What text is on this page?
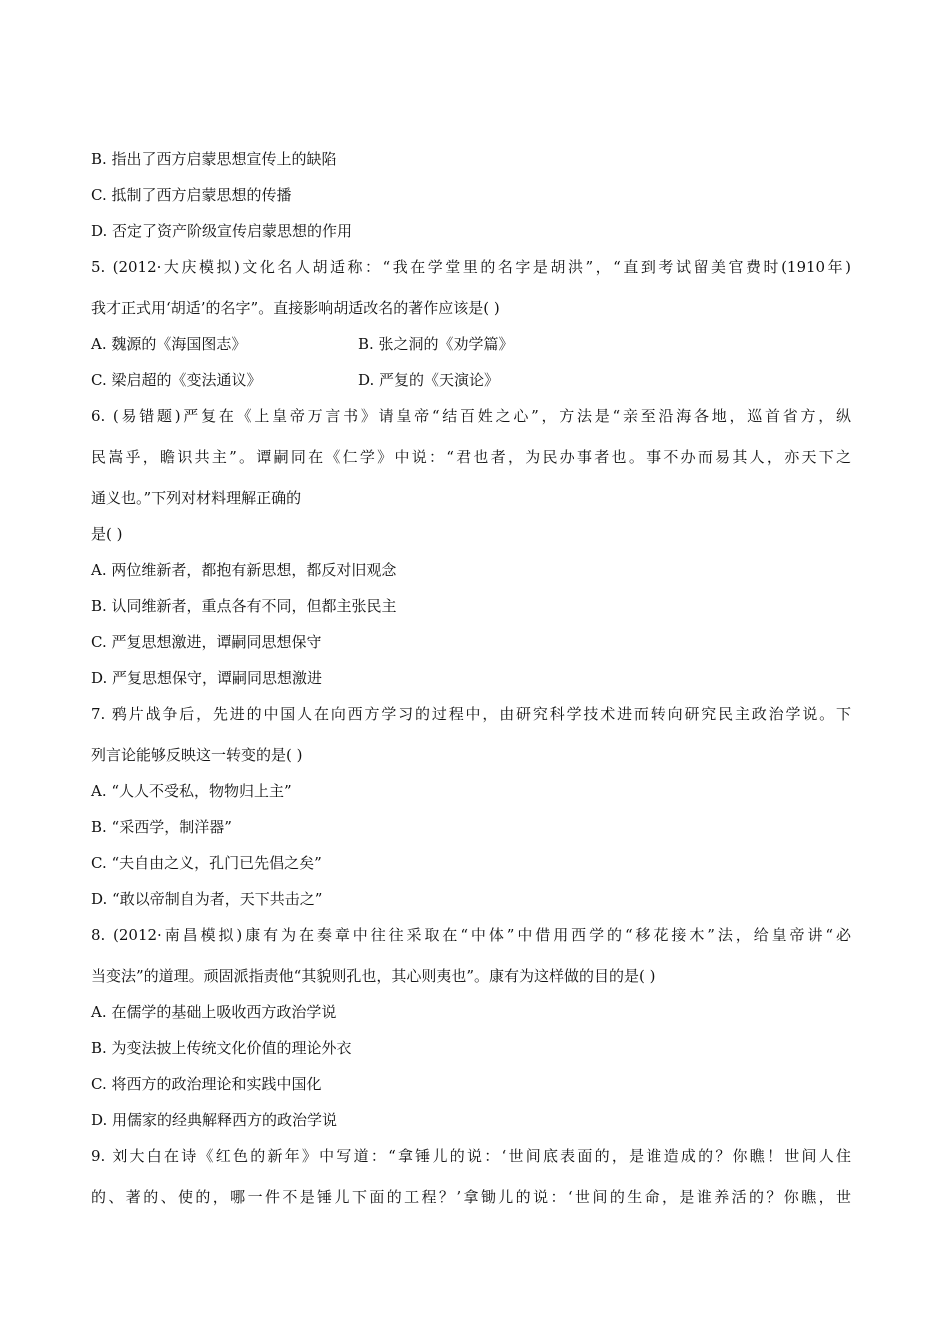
B. 指出了西方启蒙思想宣传上的缺陷
C. 抵制了西方启蒙思想的传播
D. 否定了资产阶级宣传启蒙思想的作用
5. (2012·大庆模拟)文化名人胡适称：“我在学堂里的名字是胡洪”，“直到考试留美官费时(1910年)
我才正式用‘胡适’的名字”。直接影响胡适改名的著作应该是( )
A. 魏源的《海国图志》	B. 张之洞的《劝学篇》
C. 梁启超的《变法通议》	D. 严复的《天演论》
6. (易错题)严复在《上皇帝万言书》请皇帝“结百姓之心”，方法是“亲至沿海各地，巡首省方，纵
民嵩乎，瞻识共主”。谭嗣同在《仁学》中说：“君也者，为民办事者也。事不办而易其人，亦天下之
通义也。”下列对材料理解正确的
是( )
A. 两位维新者，都抱有新思想，都反对旧观念
B. 认同维新者，重点各有不同，但都主张民主
C. 严复思想激进，谭嗣同思想保守
D. 严复思想保守，谭嗣同思想激进
7. 鸦片战争后，先进的中国人在向西方学习的过程中，由研究科学技术进而转向研究民主政治学说。下
列言论能够反映这一转变的是( )
A. “人人不受私，物物归上主”
B. “采西学，制洋器”
C. “夫自由之义，孔门已先倡之矣”
D. “敢以帝制自为者，天下共击之”
8. (2012·南昌模拟)康有为在奏章中往往采取在“中体”中借用西学的“移花接木”法，给皇帝讲“必
当变法”的道理。顽固派指责他“其貌则孔也，其心则夷也”。康有为这样做的目的是( )
A. 在儒学的基础上吸收西方政治学说
B. 为变法披上传统文化价值的理论外衣
C. 将西方的政治理论和实践中国化
D. 用儒家的经典解释西方的政治学说
9. 刘大白在诗《红色的新年》中写道：“拿锤儿的说：‘世间底表面的，是谁造成的？你瞧！世间人住
的、著的、使的，哪一件不是锤儿下面的工程？’拿锄儿的说：‘世间的生命，是谁养活的？你瞧，世
